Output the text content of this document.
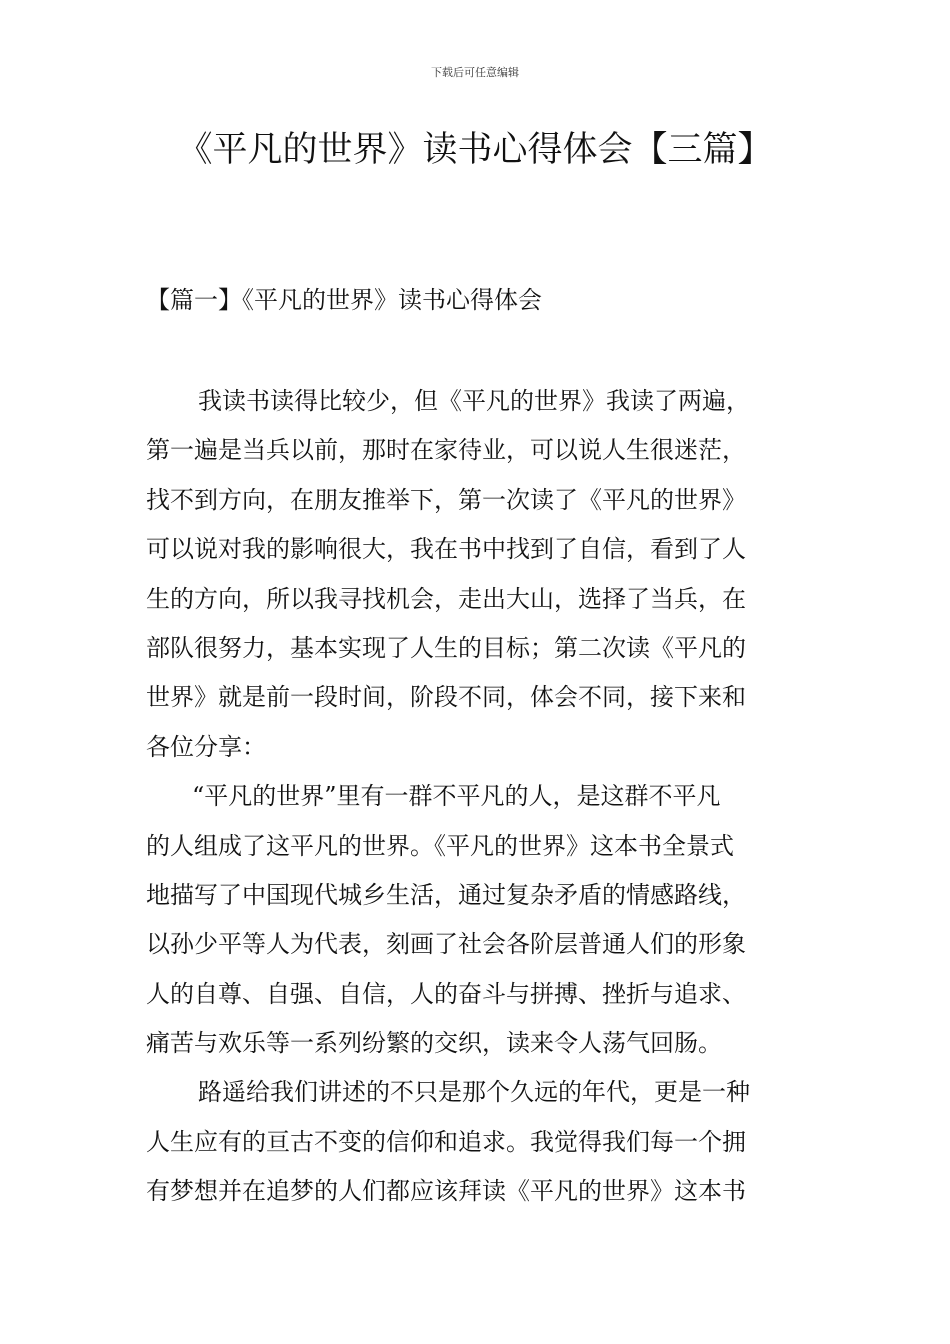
下载后可任意编辑
《平凡的世界》读书心得体会【三篇】
【篇一】《平凡的世界》读书心得体会
我读书读得比较少，但《平凡的世界》我读了两遍，
第一遍是当兵以前，那时在家待业，可以说人生很迷茫，
找不到方向，在朋友推举下，第一次读了《平凡的世界》
可以说对我的影响很大，我在书中找到了自信，看到了人
生的方向，所以我寻找机会，走出大山，选择了当兵，在
部队很努力，基本实现了人生的目标；第二次读《平凡的
世界》就是前一段时间，阶段不同，体会不同，接下来和
各位分享：
“平凡的世界”里有一群不平凡的人，是这群不平凡
的人组成了这平凡的世界。《平凡的世界》这本书全景式
地描写了中国现代城乡生活，通过复杂矛盾的情感路线，
以孙少平等人为代表，刻画了社会各阶层普通人们的形象
人的自尊、自强、自信，人的奋斗与拼搏、挫折与追求、
痛苦与欢乐等一系列纷繁的交织，读来令人荡气回肠。
路遥给我们讲述的不只是那个久远的年代，更是一种
人生应有的亘古不变的信仰和追求。我觉得我们每一个拥
有梦想并在追梦的人们都应该拜读《平凡的世界》这本书
